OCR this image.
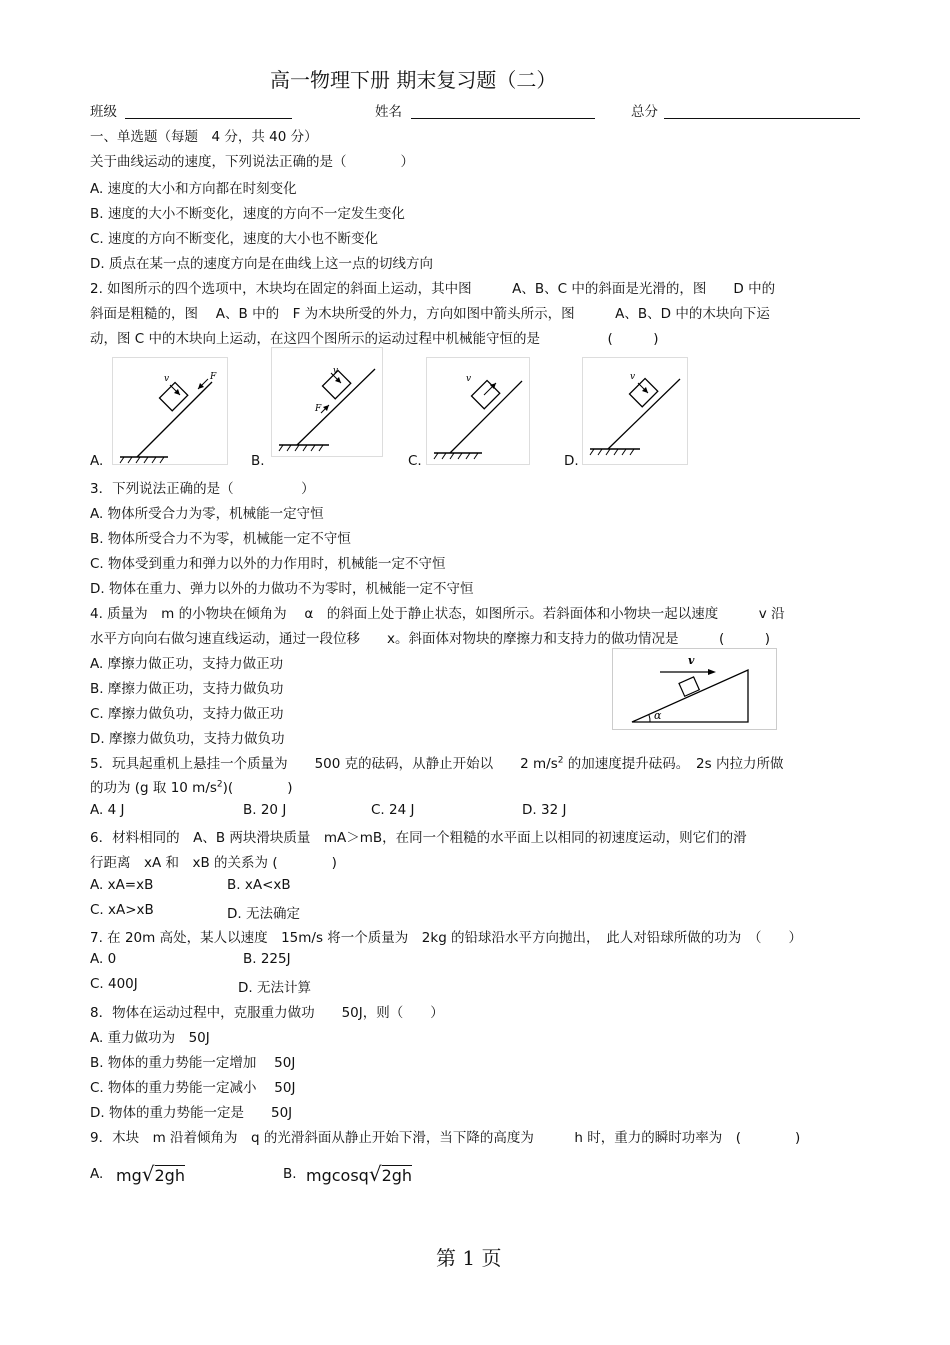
高一物理下册 期末复习题（二）
班级	姓名	总分
一、单选题（每题　4 分，共 40 分）
关于曲线运动的速度，下列说法正确的是（　　　　）
A. 速度的大小和方向都在时刻变化
B. 速度的大小不断变化，速度的方向不一定发生变化
C. 速度的方向不断变化，速度的大小也不断变化
D. 质点在某一点的速度方向是在曲线上这一点的切线方向
2. 如图所示的四个选项中，木块均在固定的斜面上运动，其中图　　　A、B、C 中的斜面是光滑的，图　　D 中的
斜面是粗糙的，图　 A、B 中的　F 为木块所受的外力，方向如图中箭头所示，图　　　A、B、D 中的木块向下运
动，图 C 中的木块向上运动，在这四个图所示的运动过程中机械能守恒的是　　　　　(　　　)
A.
v	F
B.
v
F
C.
v
D.
v
3．下列说法正确的是（　　　　　）
A. 物体所受合力为零，机械能一定守恒
B. 物体所受合力不为零，机械能一定不守恒
C. 物体受到重力和弹力以外的力作用时，机械能一定不守恒
D. 物体在重力、弹力以外的力做功不为零时，机械能一定不守恒
4. 质量为　m 的小物块在倾角为　 α　的斜面上处于静止状态，如图所示。若斜面体和小物块一起以速度　　　v 沿
水平方向向右做匀速直线运动，通过一段位移　　x。斜面体对物块的摩擦力和支持力的做功情况是　　　(　　　)
A. 摩擦力做正功，支持力做正功
B. 摩擦力做正功，支持力做负功
C. 摩擦力做负功，支持力做正功
D. 摩擦力做负功，支持力做负功
v
α
5．玩具起重机上悬挂一个质量为　　500 克的砝码，从静止开始以　　2 $m/s^2$ 的加速度提升砝码。　2s 内拉力所做
的功为 (g 取 10 $m/s^2$)(　　　　)
A. 4 J	B. 20 J	C. 24 J	D. 32 J
6．材料相同的　A、B 两块滑块质量　mA＞mB，在同一个粗糙的水平面上以相同的初速度运动，则它们的滑
行距离　xA 和　xB 的关系为 (　　　　)
A. xA=xB	B. xA<xB
C. xA>xB	D. 无法确定
7. 在 20m 高处，某人以速度　15m/s 将一个质量为　2kg 的铅球沿水平方向抛出，　此人对铅球所做的功为　（　　）
A. 0	B. 225J
C. 400J	D. 无法计算
8．物体在运动过程中，克服重力做功　　50J，则（　　）
A. 重力做功为　50J
B. 物体的重力势能一定增加　 50J
C. 物体的重力势能一定减小　 50J
D. 物体的重力势能一定是　　50J
9．木块　m 沿着倾角为　q 的光滑斜面从静止开始下滑，当下降的高度为　　　h 时，重力的瞬时功率为　(　　　　)
A. mg√2gh	B. mgcosq√2gh
第 1 页
